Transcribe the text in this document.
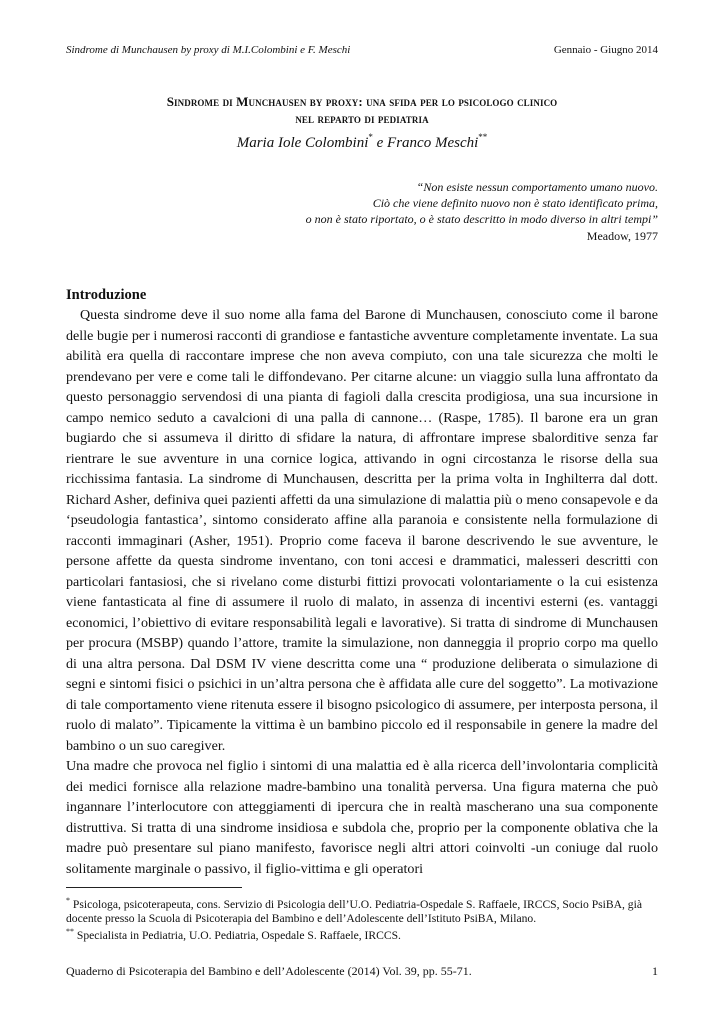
Sindrome di Munchausen by proxy di M.I.Colombini e F. Meschi	Gennaio - Giugno 2014
Sindrome di Munchausen by proxy: una sfida per lo psicologo clinico
nel reparto di pediatria
Maria Iole Colombini* e Franco Meschi**
“Non esiste nessun comportamento umano nuovo.
Ciò che viene definito nuovo non è stato identificato prima,
o non è stato riportato, o è stato descritto in modo diverso in altri tempi”
Meadow, 1977
Introduzione

Questa sindrome deve il suo nome alla fama del Barone di Munchausen, conosciuto come il barone delle bugie per i numerosi racconti di grandiose e fantastiche avventure completamente inventate. La sua abilità era quella di raccontare imprese che non aveva compiuto, con una tale sicurezza che molti le prendevano per vere e come tali le diffondevano. Per citarne alcune: un viaggio sulla luna affrontato da questo personaggio servendosi di una pianta di fagioli dalla crescita prodigiosa, una sua incursione in campo nemico seduto a cavalcioni di una palla di cannone… (Raspe, 1785). Il barone era un gran bugiardo che si assumeva il diritto di sfidare la natura, di affrontare imprese sbalorditive senza far rientrare le sue avventure in una cornice logica, attivando in ogni circostanza le risorse della sua ricchissima fantasia. La sindrome di Munchausen, descritta per la prima volta in Inghilterra dal dott. Richard Asher, definiva quei pazienti affetti da una simulazione di malattia più o meno consapevole e da ‘pseudologia fantastica’, sintomo considerato affine alla paranoia e consistente nella formulazione di racconti immaginari (Asher, 1951). Proprio come faceva il barone descrivendo le sue avventure, le persone affette da questa sindrome inventano, con toni accesi e drammatici, malesseri descritti con particolari fantasiosi, che si rivelano come disturbi fittizi provocati volontariamente o la cui esistenza viene fantasticata al fine di assumere il ruolo di malato, in assenza di incentivi esterni (es. vantaggi economici, l’obiettivo di evitare responsabilità legali e lavorative). Si tratta di sindrome di Munchausen per procura (MSBP) quando l’attore, tramite la simulazione, non danneggia il proprio corpo ma quello di una altra persona. Dal DSM IV viene descritta come una “ produzione deliberata o simulazione di segni e sintomi fisici o psichici in un’altra persona che è affidata alle cure del soggetto”. La motivazione di tale comportamento viene ritenuta essere il bisogno psicologico di assumere, per interposta persona, il ruolo di malato”. Tipicamente la vittima è un bambino piccolo ed il responsabile in genere la madre del bambino o un suo caregiver.

Una madre che provoca nel figlio i sintomi di una malattia ed è alla ricerca dell’involontaria complicità dei medici fornisce alla relazione madre-bambino una tonalità perversa. Una figura materna che può ingannare l’interlocutore con atteggiamenti di ipercura che in realtà mascherano una sua componente distruttiva. Si tratta di una sindrome insidiosa e subdola che, proprio per la componente oblativa che la madre può presentare sul piano manifesto, favorisce negli altri attori coinvolti -un coniuge dal ruolo solitamente marginale o passivo, il figlio-vittima e gli operatori

* Psicologa, psicoterapeuta, cons. Servizio di Psicologia dell’U.O. Pediatria-Ospedale S. Raffaele, IRCCS, Socio PsiBA, già docente presso la Scuola di Psicoterapia del Bambino e dell’Adolescente dell’Istituto PsiBA, Milano.

** Specialista in Pediatria, U.O. Pediatria, Ospedale S. Raffaele, IRCCS.

Quaderno di Psicoterapia del Bambino e dell’Adolescente (2014) Vol. 39, pp. 55-71.	1
